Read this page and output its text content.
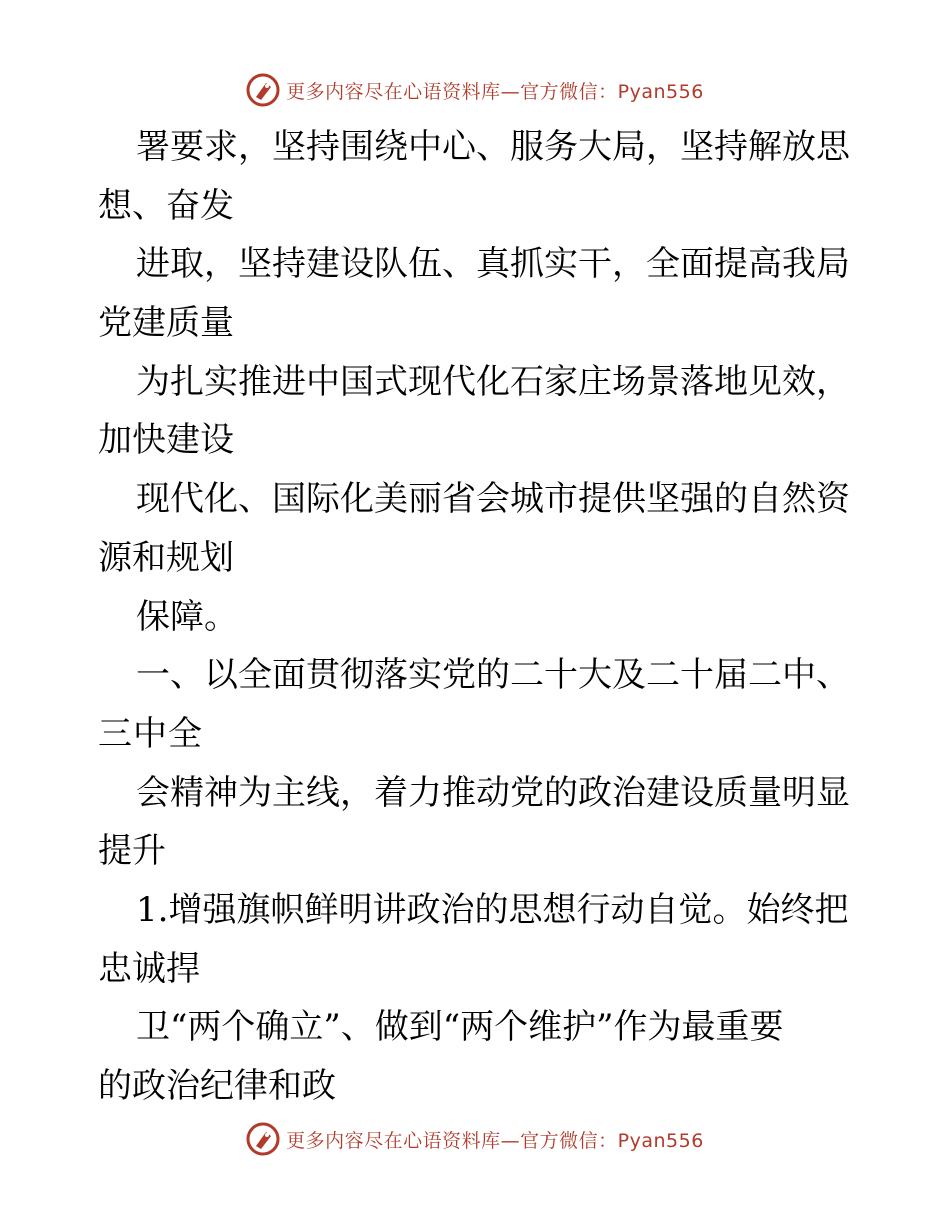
更多内容尽在心语资料库—官方微信：Pyan556
署要求，坚持围绕中心、服务大局，坚持解放思
想、奋发
进取，坚持建设队伍、真抓实干，全面提高我局
党建质量
为扎实推进中国式现代化石家庄场景落地见效，
加快建设
现代化、国际化美丽省会城市提供坚强的自然资
源和规划
保障。
一、以全面贯彻落实党的二十大及二十届二中、
三中全
会精神为主线，着力推动党的政治建设质量明显
提升
1.增强旗帜鲜明讲政治的思想行动自觉。始终把
忠诚捍
卫“两个确立”、做到“两个维护”作为最重要
的政治纪律和政
更多内容尽在心语资料库—官方微信：Pyan556
